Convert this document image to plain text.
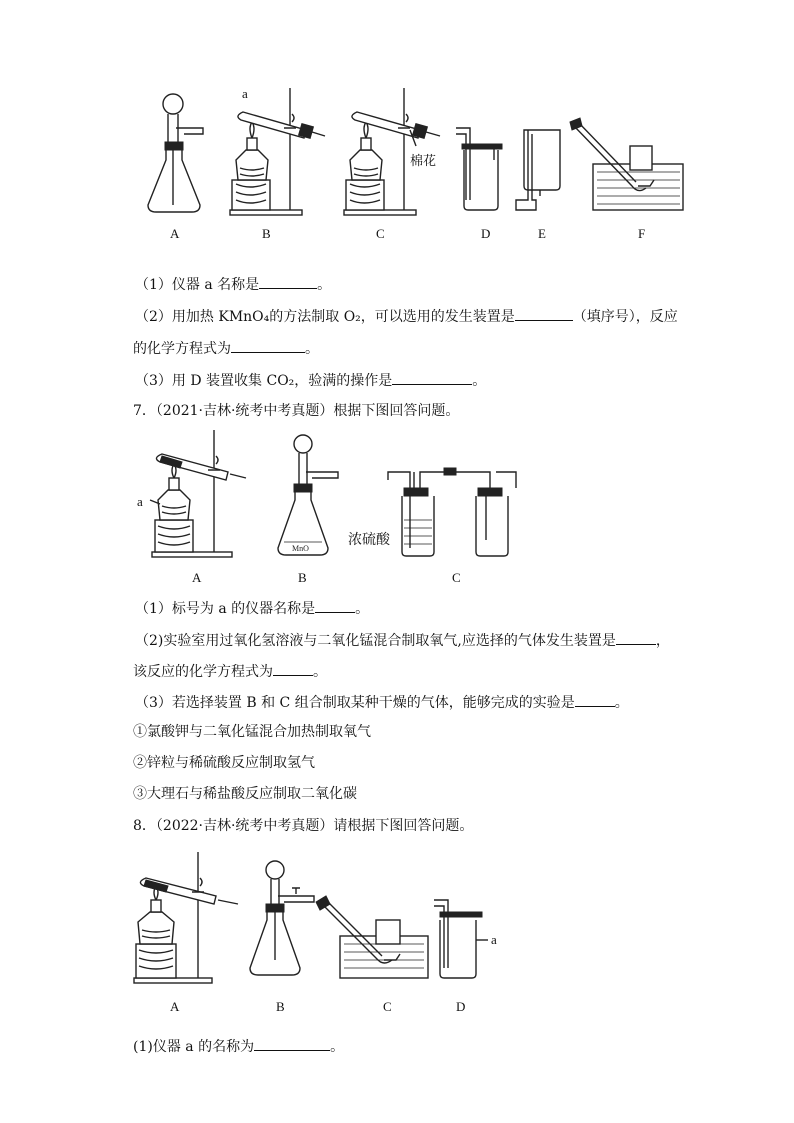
a
棉花
A	B	C	D	E	F
（1）仪器 a 名称是	。
（2）用加热 KMnO₄的方法制取 O₂，可以选用的发生装置是	（填序号），反应
的化学方程式为	。
（3）用 D 装置收集 CO₂，验满的操作是	。
7．（2021·吉林·统考中考真题）根据下图回答问题。
MnO
a
浓硫酸
A	B	C
（1）标号为 a 的仪器名称是	。
（2)实验室用过氧化氢溶液与二氧化锰混合制取氧气,应选择的气体发生装置是	，
该反应的化学方程式为	。
（3）若选择装置 B 和 C 组合制取某种干燥的气体，能够完成的实验是	。
①氯酸钾与二氧化锰混合加热制取氧气
②锌粒与稀硫酸反应制取氢气
③大理石与稀盐酸反应制取二氧化碳
8．（2022·吉林·统考中考真题）请根据下图回答问题。
a
A	B	C	D
(1)仪器 a 的名称为	。
